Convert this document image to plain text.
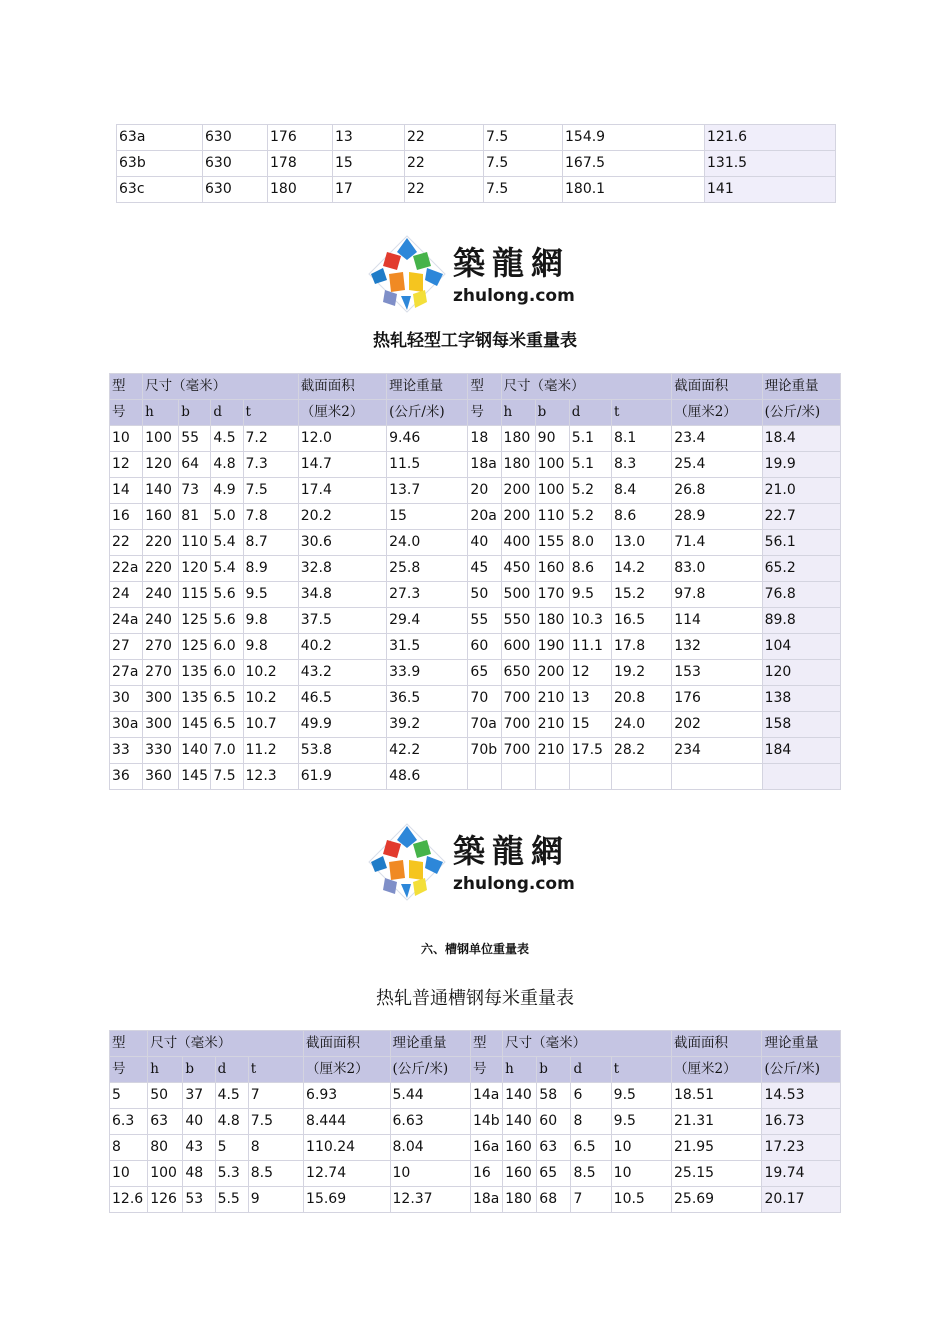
63a	630	176	13	22	7.5	154.9	121.6
63b	630	178	15	22	7.5	167.5	131.5
63c	630	180	17	22	7.5	180.1	141
築龍網
zhulong.com
热轧轻型工字钢每米重量表
型	尺寸（毫米）				截面面积	理论重量	型	尺寸（毫米）				截面面积	理论重量
号	h	b	d	t	（厘米2）	(公斤/米)	号	h	b	d	t	（厘米2）	(公斤/米)
10	100	55	4.5	7.2	12.0	9.46	18	180	90	5.1	8.1	23.4	18.4
12	120	64	4.8	7.3	14.7	11.5	18a	180	100	5.1	8.3	25.4	19.9
14	140	73	4.9	7.5	17.4	13.7	20	200	100	5.2	8.4	26.8	21.0
16	160	81	5.0	7.8	20.2	15	20a	200	110	5.2	8.6	28.9	22.7
22	220	110	5.4	8.7	30.6	24.0	40	400	155	8.0	13.0	71.4	56.1
22a	220	120	5.4	8.9	32.8	25.8	45	450	160	8.6	14.2	83.0	65.2
24	240	115	5.6	9.5	34.8	27.3	50	500	170	9.5	15.2	97.8	76.8
24a	240	125	5.6	9.8	37.5	29.4	55	550	180	10.3	16.5	114	89.8
27	270	125	6.0	9.8	40.2	31.5	60	600	190	11.1	17.8	132	104
27a	270	135	6.0	10.2	43.2	33.9	65	650	200	12	19.2	153	120
30	300	135	6.5	10.2	46.5	36.5	70	700	210	13	20.8	176	138
30a	300	145	6.5	10.7	49.9	39.2	70a	700	210	15	24.0	202	158
33	330	140	7.0	11.2	53.8	42.2	70b	700	210	17.5	28.2	234	184
36	360	145	7.5	12.3	61.9	48.6							
築龍網
zhulong.com
六、槽钢单位重量表
热轧普通槽钢每米重量表
型	尺寸（毫米）				截面面积	理论重量	型	尺寸（毫米）				截面面积	理论重量
号	h	b	d	t	（厘米2）	(公斤/米)	号	h	b	d	t	（厘米2）	(公斤/米)
5	50	37	4.5	7	6.93	5.44	14a	140	58	6	9.5	18.51	14.53
6.3	63	40	4.8	7.5	8.444	6.63	14b	140	60	8	9.5	21.31	16.73
8	80	43	5	8	110.24	8.04	16a	160	63	6.5	10	21.95	17.23
10	100	48	5.3	8.5	12.74	10	16	160	65	8.5	10	25.15	19.74
12.6	126	53	5.5	9	15.69	12.37	18a	180	68	7	10.5	25.69	20.17
